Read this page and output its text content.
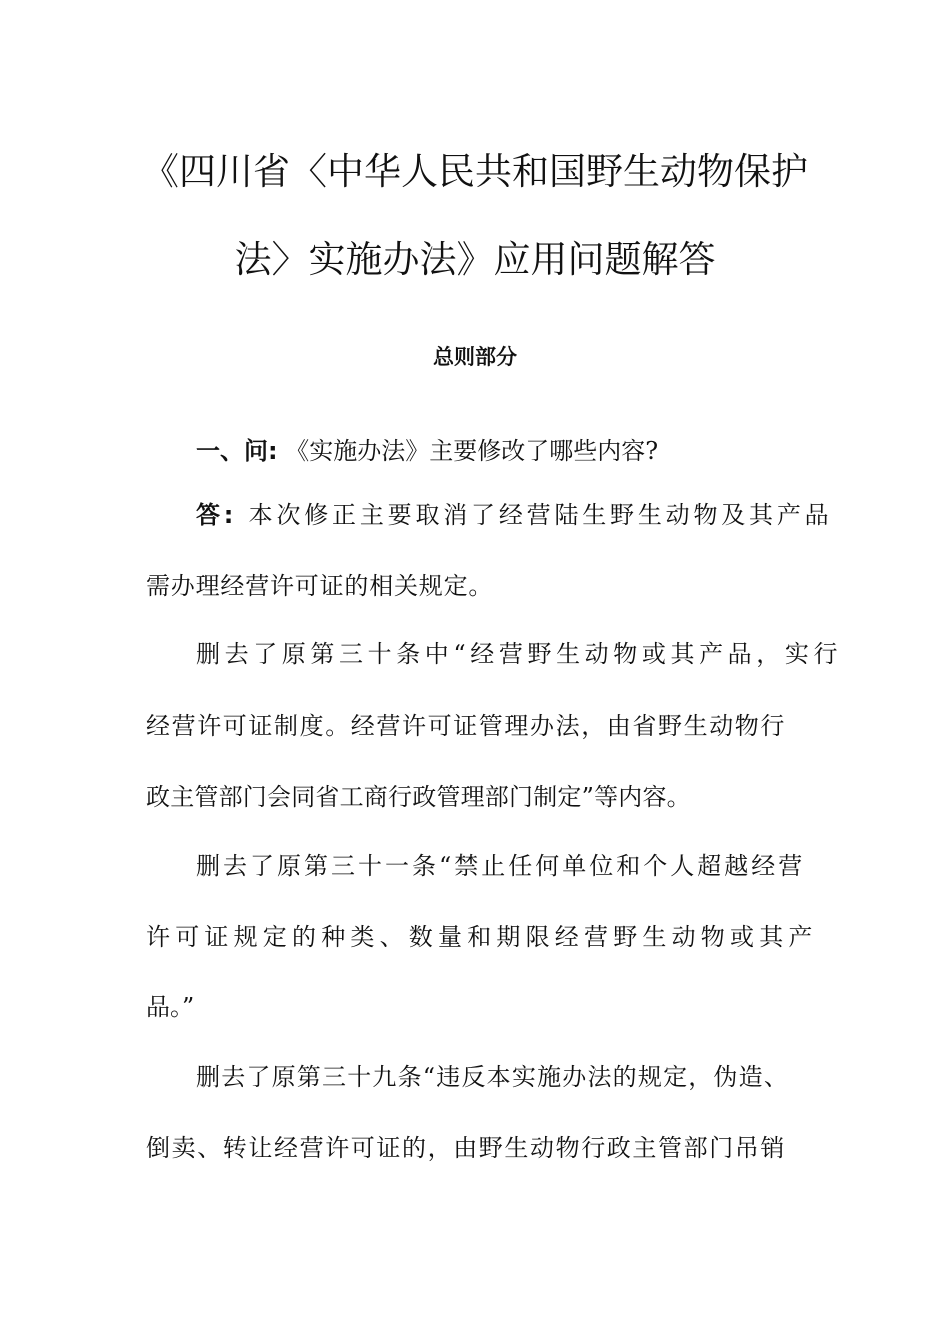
《四川省〈中华人民共和国野生动物保护
法〉实施办法》应用问题解答
总则部分
一、问: 《实施办法》主要修改了哪些内容?
答: 本次修正主要取消了经营陆生野生动物及其产品
需办理经营许可证的相关规定。
删去了原第三十条中“经营野生动物或其产品，实行
经营许可证制度。经营许可证管理办法，由省野生动物行
政主管部门会同省工商行政管理部门制定”等内容。
删去了原第三十一条“禁止任何单位和个人超越经营
许可证规定的种类、数量和期限经营野生动物或其产
品。”
删去了原第三十九条“违反本实施办法的规定，伪造、
倒卖、转让经营许可证的，由野生动物行政主管部门吊销
